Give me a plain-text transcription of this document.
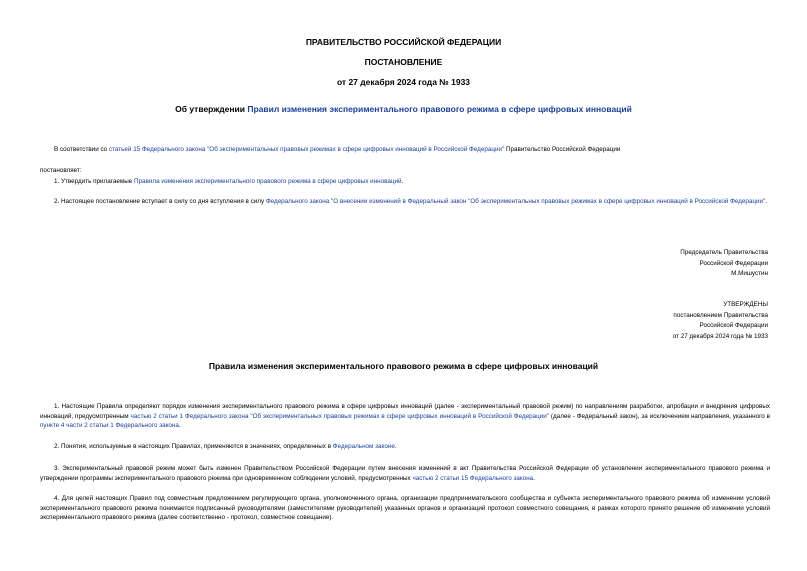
ПРАВИТЕЛЬСТВО РОССИЙСКОЙ ФЕДЕРАЦИИ
ПОСТАНОВЛЕНИЕ
от 27 декабря 2024 года № 1933
Об утверждении Правил изменения экспериментального правового режима в сфере цифровых инноваций
В соответствии со статьей 15 Федерального закона "Об экспериментальных правовых режимах в сфере цифровых инноваций в Российской Федерации" Правительство Российской Федерации
постановляет:
1. Утвердить прилагаемые Правила изменения экспериментального правового режима в сфере цифровых инноваций.
2. Настоящее постановление вступает в силу со дня вступления в силу Федерального закона "О внесении изменений в Федеральный закон "Об экспериментальных правовых режимах в сфере цифровых инноваций в Российской Федерации".
Председатель Правительства
Российской Федерации
М.Мишустин
УТВЕРЖДЕНЫ
постановлением Правительства
Российской Федерации
от 27 декабря 2024 года № 1933
Правила изменения экспериментального правового режима в сфере цифровых инноваций
1. Настоящие Правила определяют порядок изменения экспериментального правового режима в сфере цифровых инноваций (далее - экспериментальный правовой режим) по направлениям разработки, апробации и внедрения цифровых инноваций, предусмотренным частью 2 статьи 1 Федерального закона "Об экспериментальных правовых режимах в сфере цифровых инноваций в Российской Федерации" (далее - Федеральный закон), за исключением направления, указанного в пункте 4 части 2 статьи 1 Федерального закона.
2. Понятия, используемые в настоящих Правилах, применяются в значениях, определенных в Федеральном законе.
3. Экспериментальный правовой режим может быть изменен Правительством Российской Федерации путем внесения изменений в акт Правительства Российской Федерации об установлении экспериментального правового режима и утверждении программы экспериментального правового режима при одновременном соблюдении условий, предусмотренных частью 2 статьи 15 Федерального закона.
4. Для целей настоящих Правил под совместным предложением регулирующего органа, уполномоченного органа, организации предпринимательского сообщества и субъекта экспериментального правового режима об изменении условий экспериментального правового режима понимается подписанный руководителями (заместителями руководителей) указанных органов и организаций протокол совместного совещания, в рамках которого принято решение об изменении условий экспериментального правового режима (далее соответственно - протокол, совместное совещание).
